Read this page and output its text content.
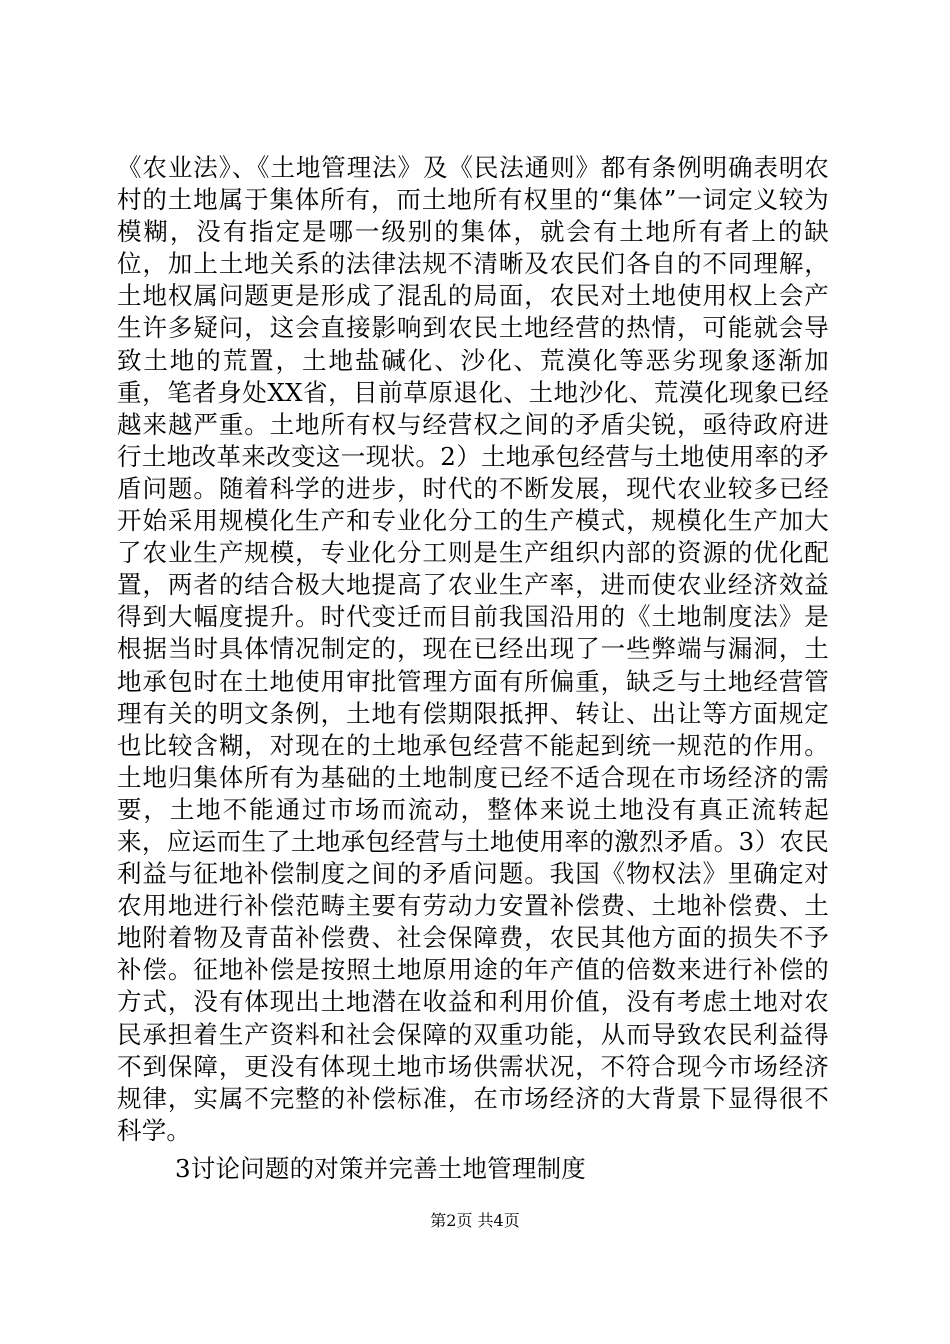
《农业法》、《土地管理法》及《民法通则》都有条例明确表明农村的土地属于集体所有，而土地所有权里的“集体”一词定义较为模糊，没有指定是哪一级别的集体，就会有土地所有者上的缺位，加上土地关系的法律法规不清晰及农民们各自的不同理解，土地权属问题更是形成了混乱的局面，农民对土地使用权上会产生许多疑问，这会直接影响到农民土地经营的热情，可能就会导致土地的荒置，土地盐碱化、沙化、荒漠化等恶劣现象逐渐加重，笔者身处XX省，目前草原退化、土地沙化、荒漠化现象已经越来越严重。土地所有权与经营权之间的矛盾尖锐，亟待政府进行土地改革来改变这一现状。2）土地承包经营与土地使用率的矛盾问题。随着科学的进步，时代的不断发展，现代农业较多已经开始采用规模化生产和专业化分工的生产模式，规模化生产加大了农业生产规模，专业化分工则是生产组织内部的资源的优化配置，两者的结合极大地提高了农业生产率，进而使农业经济效益得到大幅度提升。时代变迁而目前我国沿用的《土地制度法》是根据当时具体情况制定的，现在已经出现了一些弊端与漏洞，土地承包时在土地使用审批管理方面有所偏重，缺乏与土地经营管理有关的明文条例，土地有偿期限抵押、转让、出让等方面规定也比较含糊，对现在的土地承包经营不能起到统一规范的作用。土地归集体所有为基础的土地制度已经不适合现在市场经济的需要，土地不能通过市场而流动，整体来说土地没有真正流转起来，应运而生了土地承包经营与土地使用率的激烈矛盾。3）农民利益与征地补偿制度之间的矛盾问题。我国《物权法》里确定对农用地进行补偿范畴主要有劳动力安置补偿费、土地补偿费、土地附着物及青苗补偿费、社会保障费，农民其他方面的损失不予补偿。征地补偿是按照土地原用途的年产值的倍数来进行补偿的方式，没有体现出土地潜在收益和利用价值，没有考虑土地对农民承担着生产资料和社会保障的双重功能，从而导致农民利益得不到保障，更没有体现土地市场供需状况，不符合现今市场经济规律，实属不完整的补偿标准，在市场经济的大背景下显得很不科学。

3讨论问题的对策并完善土地管理制度

第2页 共4页
